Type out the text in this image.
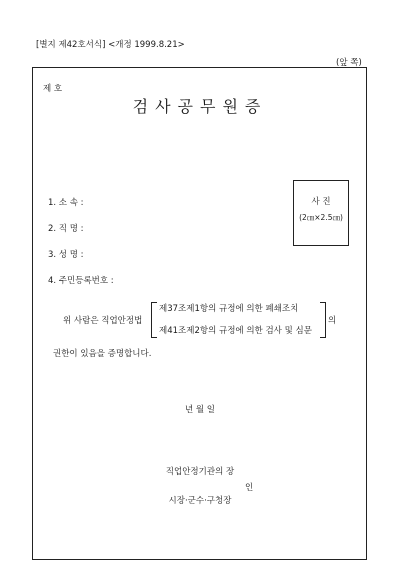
[별지 제42호서식] <개정 1999.8.21>
(앞 쪽)
제 호
검사공무원증
사 진
(2㎝×2.5㎝)
1. 소 속 :
2. 직 명 :
3. 성 명 :
4. 주민등록번호 :
위 사람은 직업안정법
제37조제1항의 규정에 의한 폐쇄조치
제41조제2항의 규정에 의한 검사 및 심문
의
권한이 있음을 증명합니다.
년 월 일
직업안정기관의 장
인
시장·군수·구청장
